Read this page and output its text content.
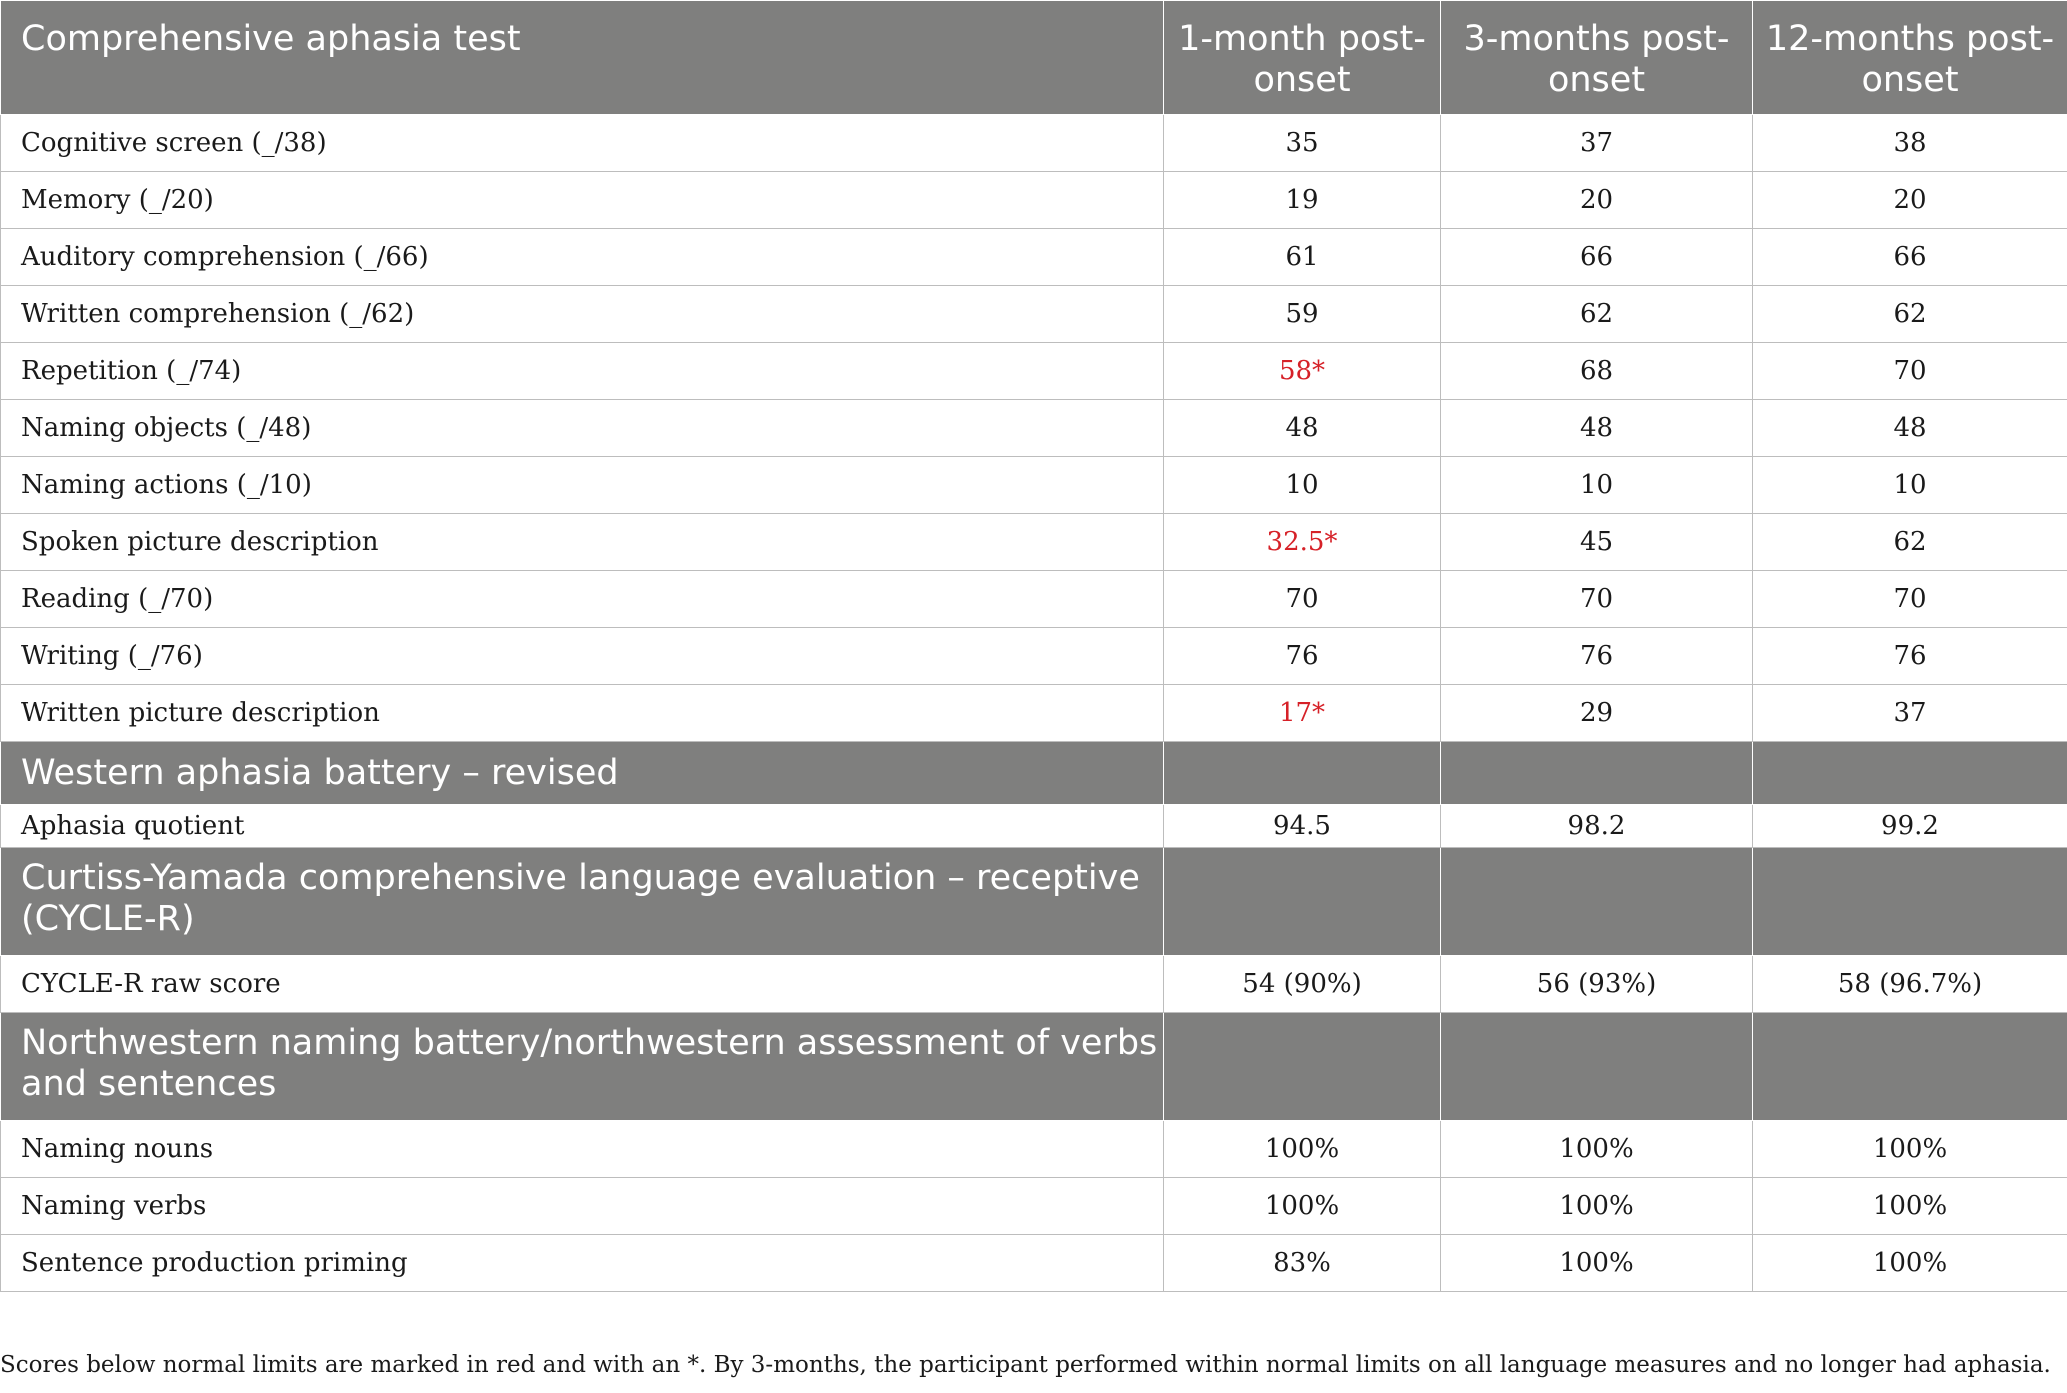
Comprehensive aphasia test	1-month post-onset	3-months post-onset	12-months post-onset
Cognitive screen (_/38)	35	37	38
Memory (_/20)	19	20	20
Auditory comprehension (_/66)	61	66	66
Written comprehension (_/62)	59	62	62
Repetition (_/74)	58*	68	70
Naming objects (_/48)	48	48	48
Naming actions (_/10)	10	10	10
Spoken picture description	32.5*	45	62
Reading (_/70)	70	70	70
Writing (_/76)	76	76	76
Written picture description	17*	29	37
Western aphasia battery – revised			
Aphasia quotient	94.5	98.2	99.2
Curtiss-Yamada comprehensive language evaluation – receptive (CYCLE-R)			
CYCLE-R raw score	54 (90%)	56 (93%)	58 (96.7%)
Northwestern naming battery/northwestern assessment of verbs and sentences			
Naming nouns	100%	100%	100%
Naming verbs	100%	100%	100%
Sentence production priming	83%	100%	100%
Scores below normal limits are marked in red and with an *. By 3-months, the participant performed within normal limits on all language measures and no longer had aphasia.
